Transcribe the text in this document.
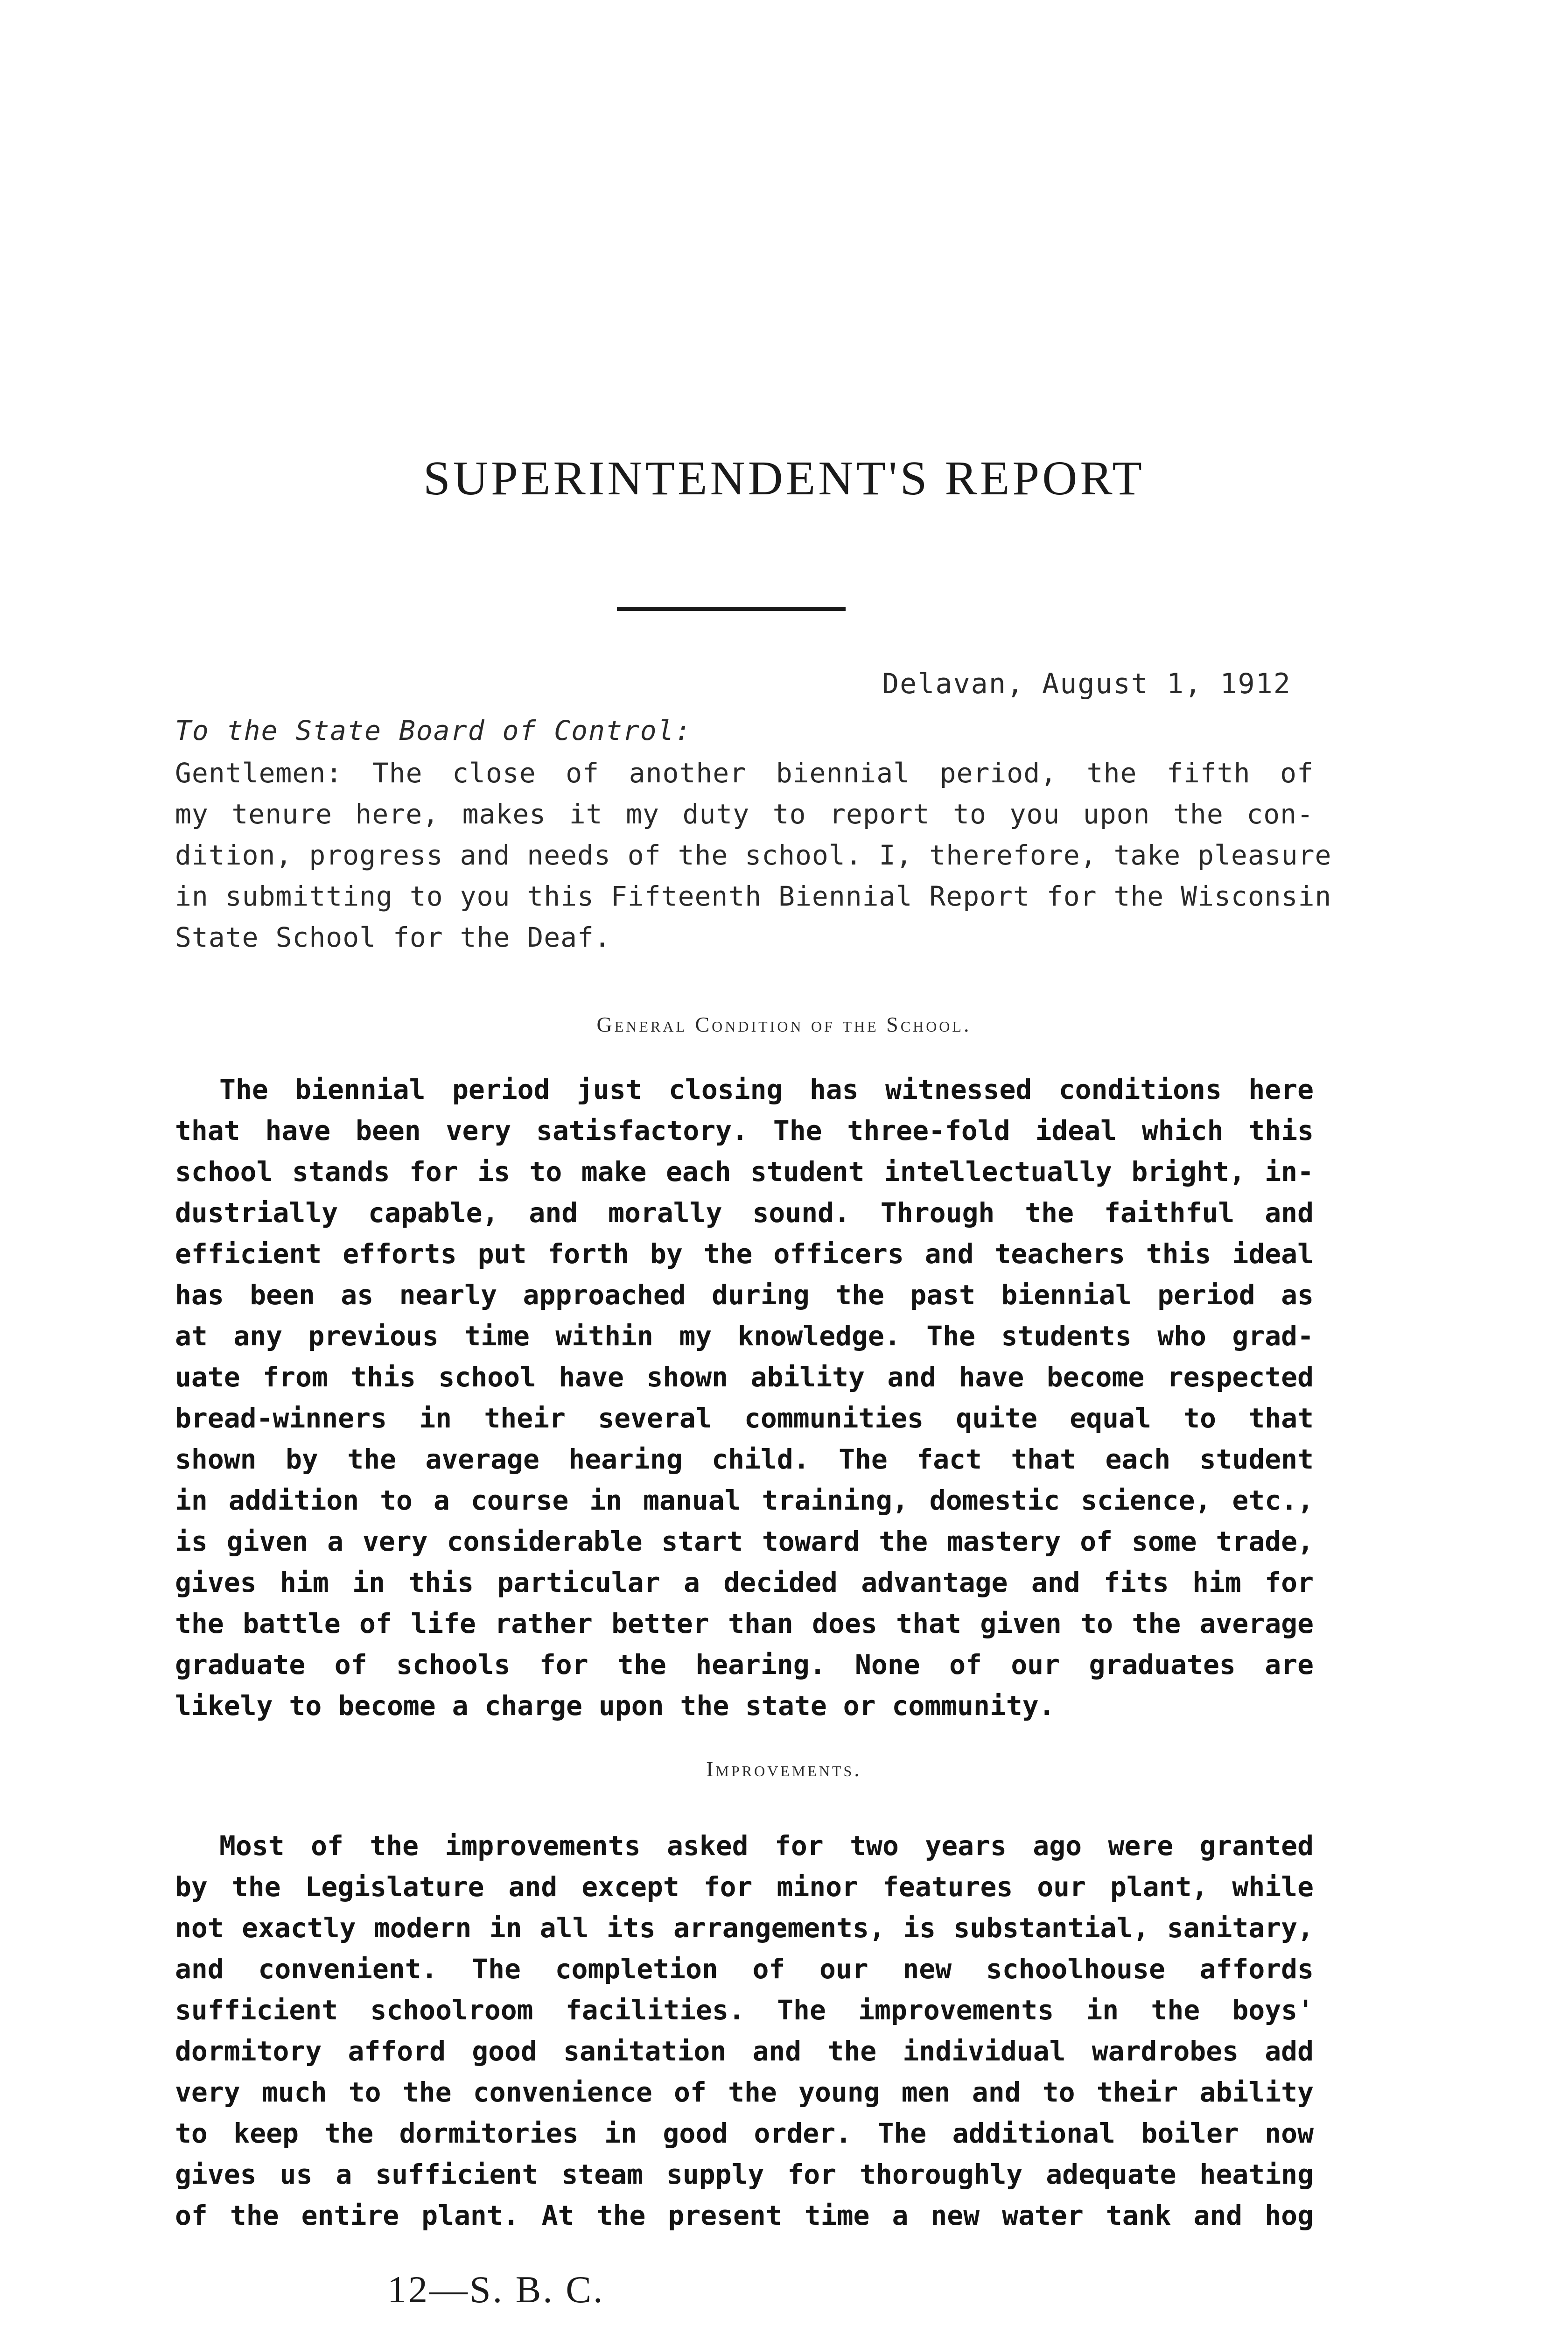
SUPERINTENDENT'S REPORT
Delavan, August 1, 1912
To the State Board of Control:
Gentlemen: The close of another biennial period, the fifth of
my tenure here, makes it my duty to report to you upon the con-
dition, progress and needs of the school. I, therefore, take pleasure
in submitting to you this Fifteenth Biennial Report for the Wisconsin
State School for the Deaf.
General Condition of the School.
The biennial period just closing has witnessed conditions here
that have been very satisfactory. The three-fold ideal which this
school stands for is to make each student intellectually bright, in-
dustrially capable, and morally sound. Through the faithful and
efficient efforts put forth by the officers and teachers this ideal
has been as nearly approached during the past biennial period as
at any previous time within my knowledge. The students who grad-
uate from this school have shown ability and have become respected
bread-winners in their several communities quite equal to that
shown by the average hearing child. The fact that each student
in addition to a course in manual training, domestic science, etc.,
is given a very considerable start toward the mastery of some trade,
gives him in this particular a decided advantage and fits him for
the battle of life rather better than does that given to the average
graduate of schools for the hearing. None of our graduates are
likely to become a charge upon the state or community.
Improvements.
Most of the improvements asked for two years ago were granted
by the Legislature and except for minor features our plant, while
not exactly modern in all its arrangements, is substantial, sanitary,
and convenient. The completion of our new schoolhouse affords
sufficient schoolroom facilities. The improvements in the boys'
dormitory afford good sanitation and the individual wardrobes add
very much to the convenience of the young men and to their ability
to keep the dormitories in good order. The additional boiler now
gives us a sufficient steam supply for thoroughly adequate heating
of the entire plant. At the present time a new water tank and hog
12—S. B. C.
